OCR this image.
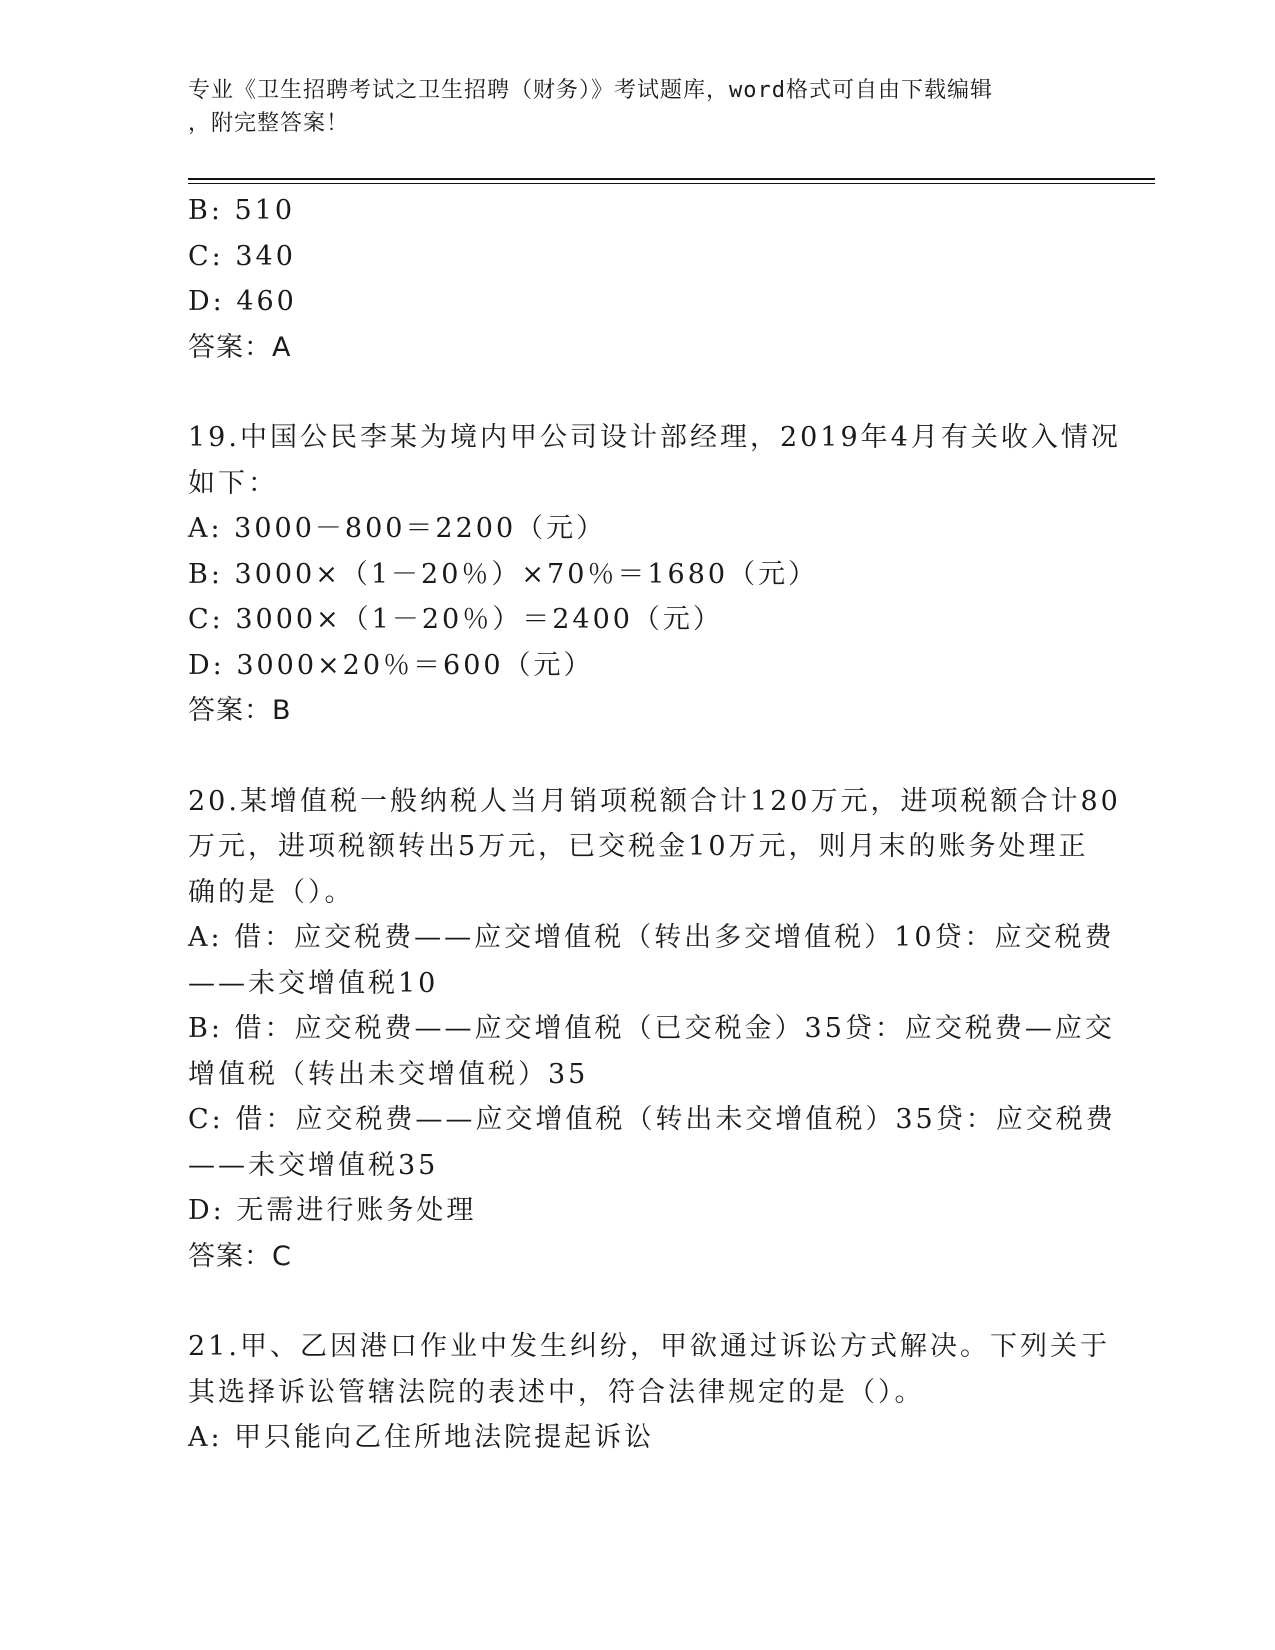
专业《卫生招聘考试之卫生招聘（财务）》考试题库，word格式可自由下载编辑
，附完整答案！
B: 510
C: 340
D: 460
答案：A
19.中国公民李某为境内甲公司设计部经理，2019年4月有关收入情况
如下：
A: 3000－800＝2200（元）
B: 3000×（1－20％）×70％＝1680（元）
C: 3000×（1－20％）＝2400（元）
D: 3000×20％＝600（元）
答案：B
20.某增值税一般纳税人当月销项税额合计120万元，进项税额合计80
万元，进项税额转出5万元，已交税金10万元，则月末的账务处理正
确的是（）。
A: 借：应交税费——应交增值税（转出多交增值税）10贷：应交税费
——未交增值税10
B: 借：应交税费——应交增值税（已交税金）35贷：应交税费—应交
增值税（转出未交增值税）35
C: 借：应交税费——应交增值税（转出未交增值税）35贷：应交税费
——未交增值税35
D: 无需进行账务处理
答案：C
21.甲、乙因港口作业中发生纠纷，甲欲通过诉讼方式解决。下列关于
其选择诉讼管辖法院的表述中，符合法律规定的是（）。
A: 甲只能向乙住所地法院提起诉讼
